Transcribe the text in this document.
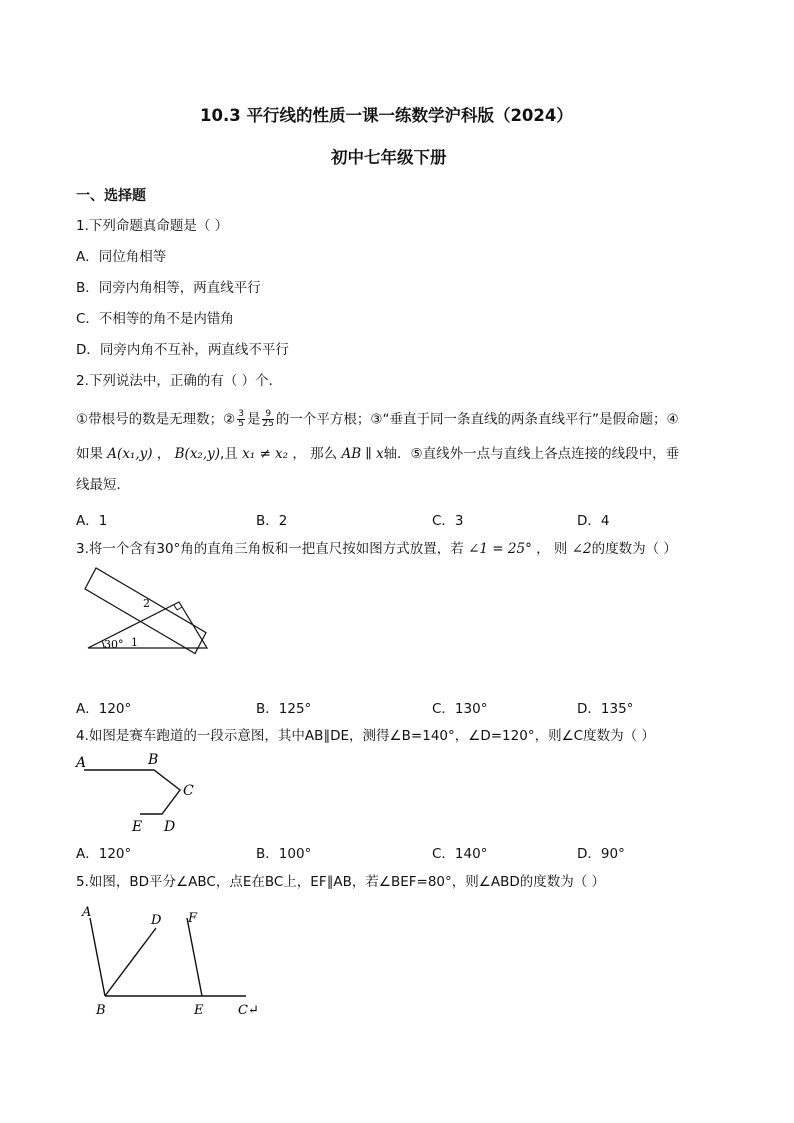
10.3 平行线的性质一课一练数学沪科版（2024）
初中七年级下册
一、选择题
1.下列命题真命题是（ ）
A．同位角相等
B．同旁内角相等，两直线平行
C．不相等的角不是内错角
D．同旁内角不互补，两直线不平行
2.下列说法中，正确的有（ ）个．
①带根号的数是无理数；② $\frac{3}{5}$ 是 $\frac{9}{25}$ 的一个平方根；③“垂直于同一条直线的两条直线平行”是假命题；④
如果 A(x₁,y) ， B(x₂,y),且 x₁ ≠ x₂ ， 那么 AB ∥ x轴．⑤直线外一点与直线上各点连接的线段中，垂
线最短．
A．1	B．2	C．3	D．4
3.将一个含有30°角的直角三角板和一把直尺按如图方式放置，若 ∠1 = 25° ， 则 ∠2的度数为（ ）
30° 1
2
A．120°	B．125°	C．130°	D．135°
4.如图是赛车跑道的一段示意图，其中AB∥DE，测得∠B=140°，∠D=120°，则∠C度数为（ ）
A	B
C
D
E
A．120°	B．100°	C．140°	D．90°
5.如图，BD平分∠ABC，点E在BC上，EF∥AB，若∠BEF=80°，则∠ABD的度数为（ ）
A
D F
B	E	C↵
